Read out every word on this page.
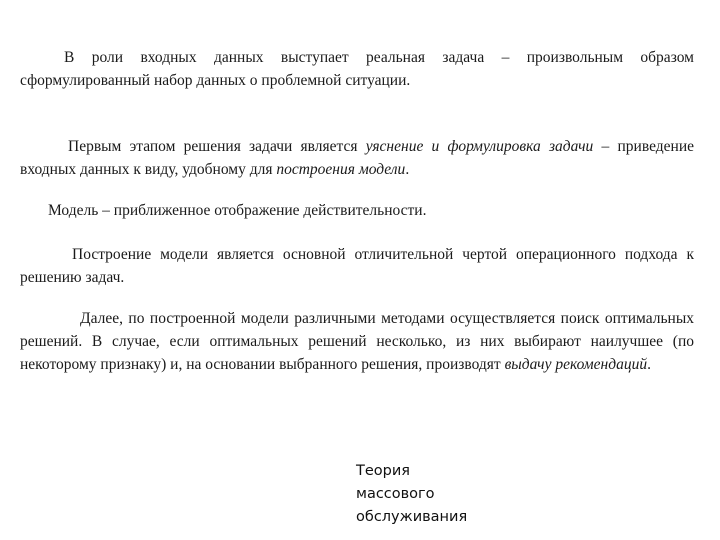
В роли входных данных выступает реальная задача – произвольным образом сформулированный набор данных о проблемной ситуации.

Первым этапом решения задачи является уяснение и формулировка задачи – приведение входных данных к виду, удобному для построения модели.

Модель – приближенное отображение действительности.

Построение модели является основной отличительной чертой операционного подхода к решению задач.

Далее, по построенной модели различными методами осуществляется поиск оптимальных решений. В случае, если оптимальных решений несколько, из них выбирают наилучшее (по некоторому признаку) и, на основании выбранного решения, производят выдачу рекомендаций.

Теория
массового
обслуживания
